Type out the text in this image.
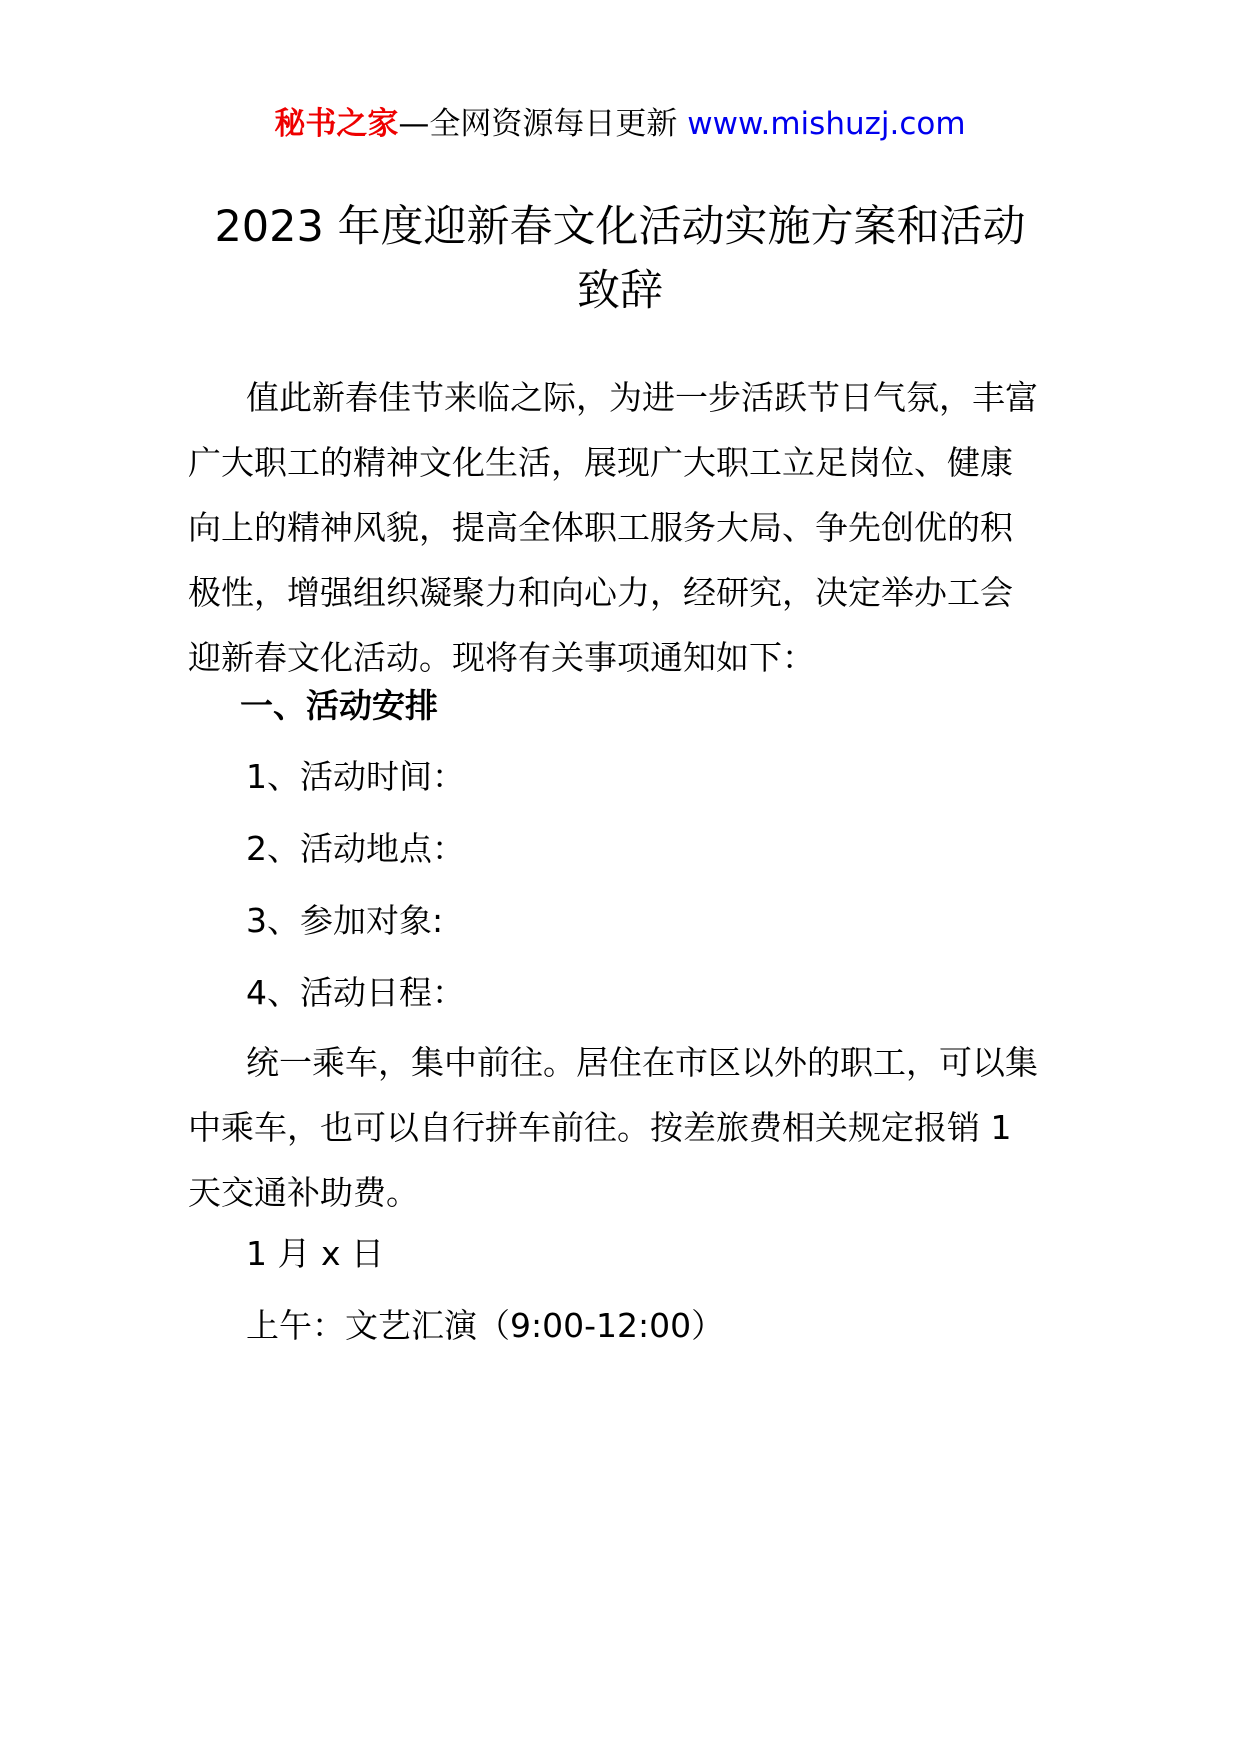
秘书之家—全网资源每日更新 www.mishuzj.com
2023 年度迎新春文化活动实施方案和活动
致辞
值此新春佳节来临之际，为进一步活跃节日气氛，丰富
广大职工的精神文化生活，展现广大职工立足岗位、健康
向上的精神风貌，提高全体职工服务大局、争先创优的积
极性，增强组织凝聚力和向心力，经研究，决定举办工会
迎新春文化活动。现将有关事项通知如下：
一、活动安排
1、活动时间：
2、活动地点：
3、参加对象:
4、活动日程：
统一乘车，集中前往。居住在市区以外的职工，可以集
中乘车，也可以自行拼车前往。按差旅费相关规定报销 1
天交通补助费。
1 月 x 日
上午：文艺汇演（9:00-12:00）
